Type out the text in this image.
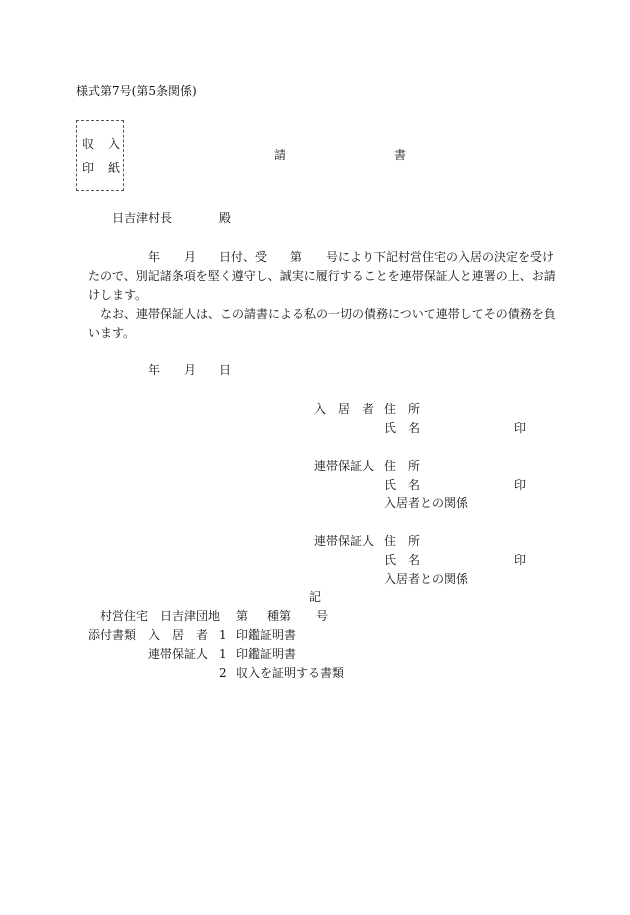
様式第7号(第5条関係)
収　入
印　紙
請	書
日吉津村長	殿
年 月 日付、受 第 号により下記村営住宅の入居の決定を受け
たので、別記諸条項を堅く遵守し、誠実に履行することを連帯保証人と連署の上、お請
けします。
なお、連帯保証人は、この請書による私の一切の債務について連帯してその債務を負
います。
年 月 日
入　居　者 住　所
氏　名	印
連帯保証人 住　所
氏　名	印
入居者との関係
連帯保証人 住　所
氏　名	印
入居者との関係
記
村営住宅　日吉津団地 第 種第 号
添付書類 入　居　者 1 印鑑証明書
連帯保証人 1 印鑑証明書
2 収入を証明する書類
